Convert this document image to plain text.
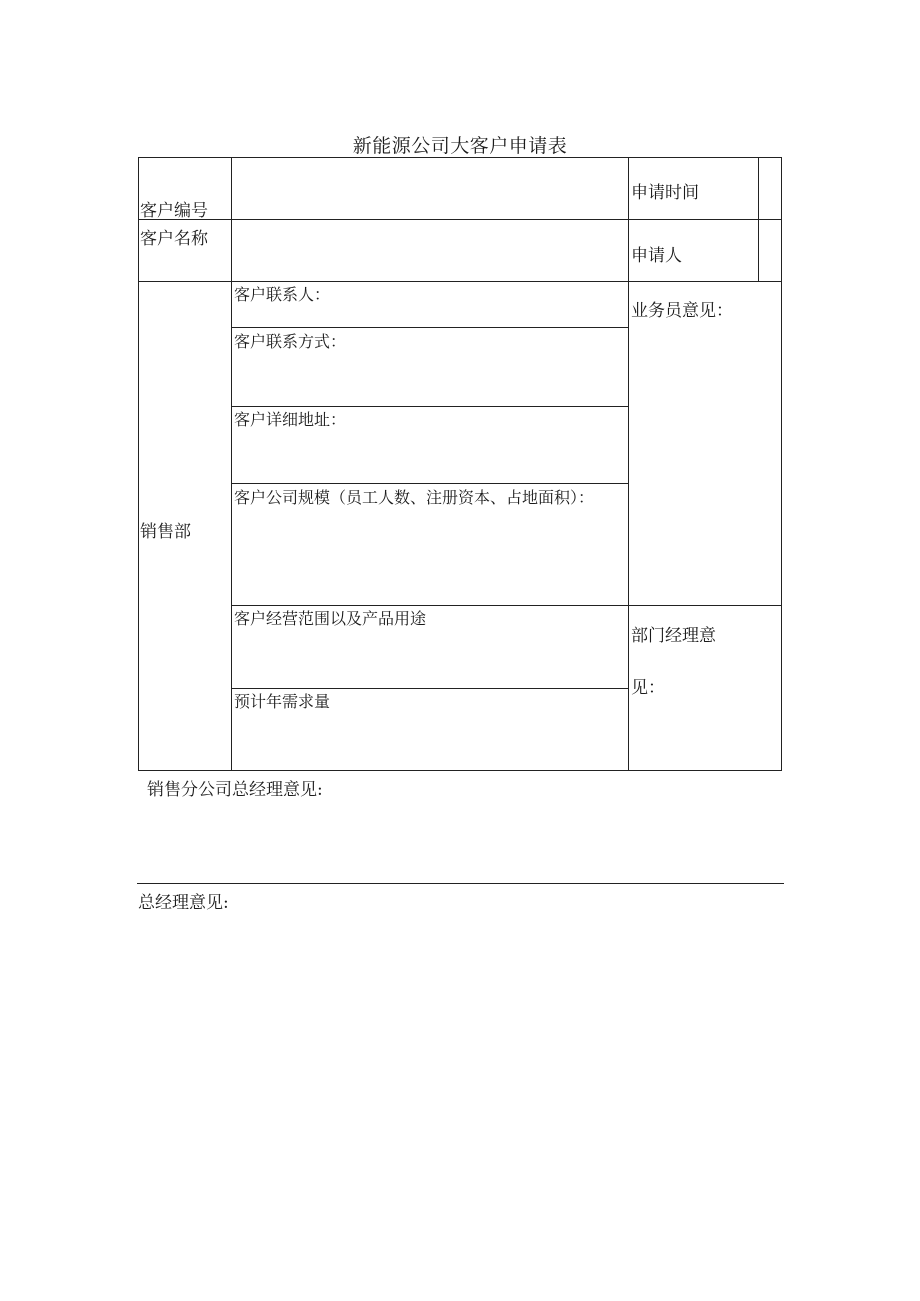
新能源公司大客户申请表
客户编号
客户名称
申请时间
申请人
销售部
客户联系人：
客户联系方式：
客户详细地址：
客户公司规模（员工人数、注册资本、占地面积）：
客户经营范围以及产品用途
预计年需求量
业务员意见：
部门经理意
见：
销售分公司总经理意见:
总经理意见:
